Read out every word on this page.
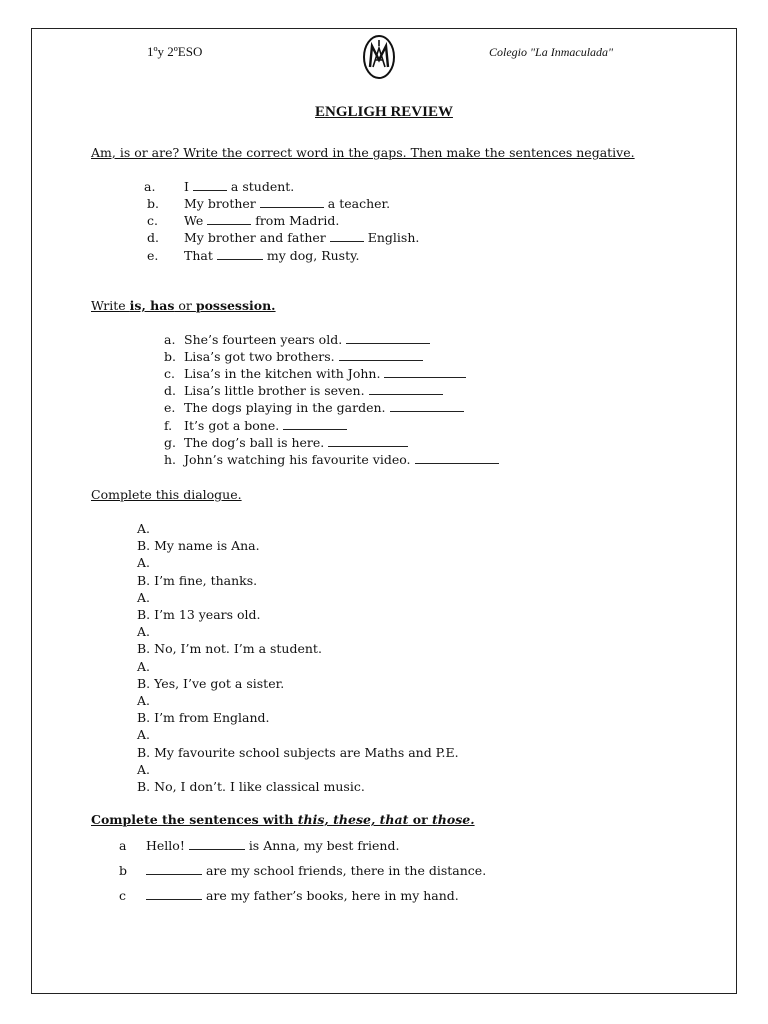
1ºy 2ºESO	Colegio "La Inmaculada"
ENGLIGH REVIEW
Am, is or are? Write the correct word in the gaps. Then make the sentences negative.
a. I	a student.
b. My brother	a teacher.
c. We	from Madrid.
d. My brother and father	English.
e. That	my dog, Rusty.
Write is, has or possession.
a. She’s fourteen years old.
b. Lisa’s got two brothers.
c. Lisa’s in the kitchen with John.
d. Lisa’s little brother is seven.
e. The dogs playing in the garden.
f. It’s got a bone.
g. The dog’s ball is here.
h. John’s watching his favourite video.
Complete this dialogue.
A.
B. My name is Ana.
A.
B. I’m fine, thanks.
A.
B. I’m 13 years old.
A.
B. No, I’m not. I’m a student.
A.
B. Yes, I’ve got a sister.
A.
B. I’m from England.
A.
B. My favourite school subjects are Maths and P.E.
A.
B. No, I don’t. I like classical music.
Complete the sentences with this, these, that or those.
a Hello!	is Anna, my best friend.
b	are my school friends, there in the distance.
c	are my father’s books, here in my hand.
